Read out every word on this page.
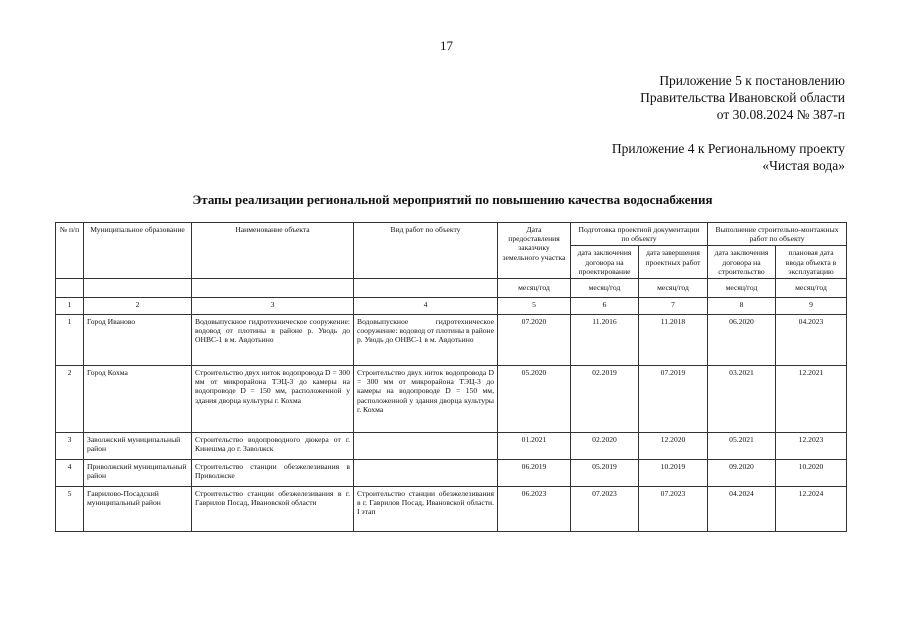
17
Приложение 5 к постановлению
Правительства Ивановской области
от 30.08.2024 № 387-п
Приложение 4 к Региональному проекту
«Чистая вода»
Этапы реализации региональной мероприятий по повышению качества водоснабжения
№ п/п	Муниципальное образование	Наименование объекта	Вид работ по объекту	Дата предоставления заказчику земельного участка	Подготовка проектной документации по объекту		Выполнение строительно-монтажных работ по объекту	
					дата заключения договора на проектирование	дата завершения проектных работ	дата заключения договора на строительство	плановая дата ввода объекта в эксплуатацию
				месяц/год	месяц/год	месяц/год	месяц/год	месяц/год
1	2	3	4	5	6	7	8	9
1	Город Иваново	Водовыпускное гидротехническое сооружение: водовод от плотины в районе р. Уводь до ОНВС-1 в м. Авдотьино	Водовыпускное гидротехническое сооружение: водовод от плотины в районе р. Уводь до ОНВС-1 в м. Авдотьино	07.2020	11.2016	11.2018	06.2020	04.2023
2	Город Кохма	Строительство двух ниток водопровода D = 300 мм от микрорайона ТЭЦ-3 до камеры на водопроводе D = 150 мм, расположенной у здания дворца культуры г. Кохма	Строительство двух ниток водопровода D = 300 мм от микрорайона ТЭЦ-3 до камеры на водопроводе D = 150 мм, расположенной у здания дворца культуры г. Кохма	05.2020	02.2019	07.2019	03.2021	12.2021
3	Заволжский муниципальный район	Строительство водопроводного дюкера от г. Кинешма до г. Заволжск		01.2021	02.2020	12.2020	05.2021	12.2023
4	Приволжский муниципальный район	Строительство станции обезжелезивания в Приволжске		06.2019	05.2019	10.2019	09.2020	10.2020
5	Гаврилово-Посадский муниципальный район	Строительство станции обезжелезивания в г. Гаврилов Посад, Ивановской области	Строительство станции обезжелезивания в г. Гаврилов Посад, Ивановской области. I этап	06.2023	07.2023	07.2023	04.2024	12.2024
